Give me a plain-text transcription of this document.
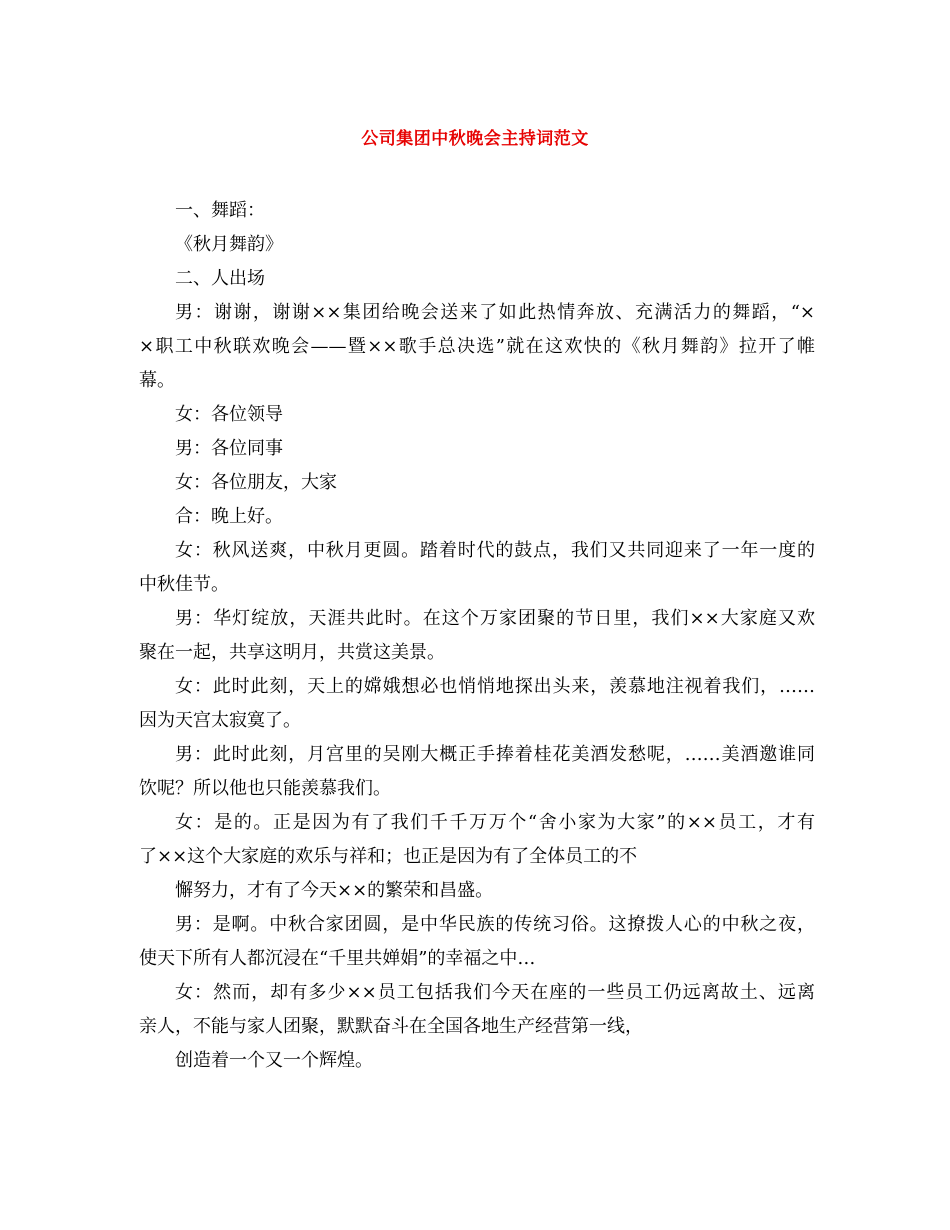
公司集团中秋晚会主持词范文
一、舞蹈：
《秋月舞韵》
二、人出场
男：谢谢，谢谢××集团给晚会送来了如此热情奔放、充满活力的舞蹈，“×
×职工中秋联欢晚会——暨××歌手总决选”就在这欢快的《秋月舞韵》拉开了帷
幕。
女：各位领导
男：各位同事
女：各位朋友，大家
合：晚上好。
女：秋风送爽，中秋月更圆。踏着时代的鼓点，我们又共同迎来了一年一度的
中秋佳节。
男：华灯绽放，天涯共此时。在这个万家团聚的节日里，我们××大家庭又欢
聚在一起，共享这明月，共赏这美景。
女：此时此刻，天上的嫦娥想必也悄悄地探出头来，羡慕地注视着我们，……
因为天宫太寂寞了。
男：此时此刻，月宫里的吴刚大概正手捧着桂花美酒发愁呢，……美酒邀谁同
饮呢？所以他也只能羡慕我们。
女：是的。正是因为有了我们千千万万个“舍小家为大家”的××员工，才有
了××这个大家庭的欢乐与祥和；也正是因为有了全体员工的不
懈努力，才有了今天××的繁荣和昌盛。
男：是啊。中秋合家团圆，是中华民族的传统习俗。这撩拨人心的中秋之夜，
使天下所有人都沉浸在“千里共婵娟”的幸福之中…
女：然而，却有多少××员工包括我们今天在座的一些员工仍远离故土、远离
亲人，不能与家人团聚，默默奋斗在全国各地生产经营第一线，
创造着一个又一个辉煌。
